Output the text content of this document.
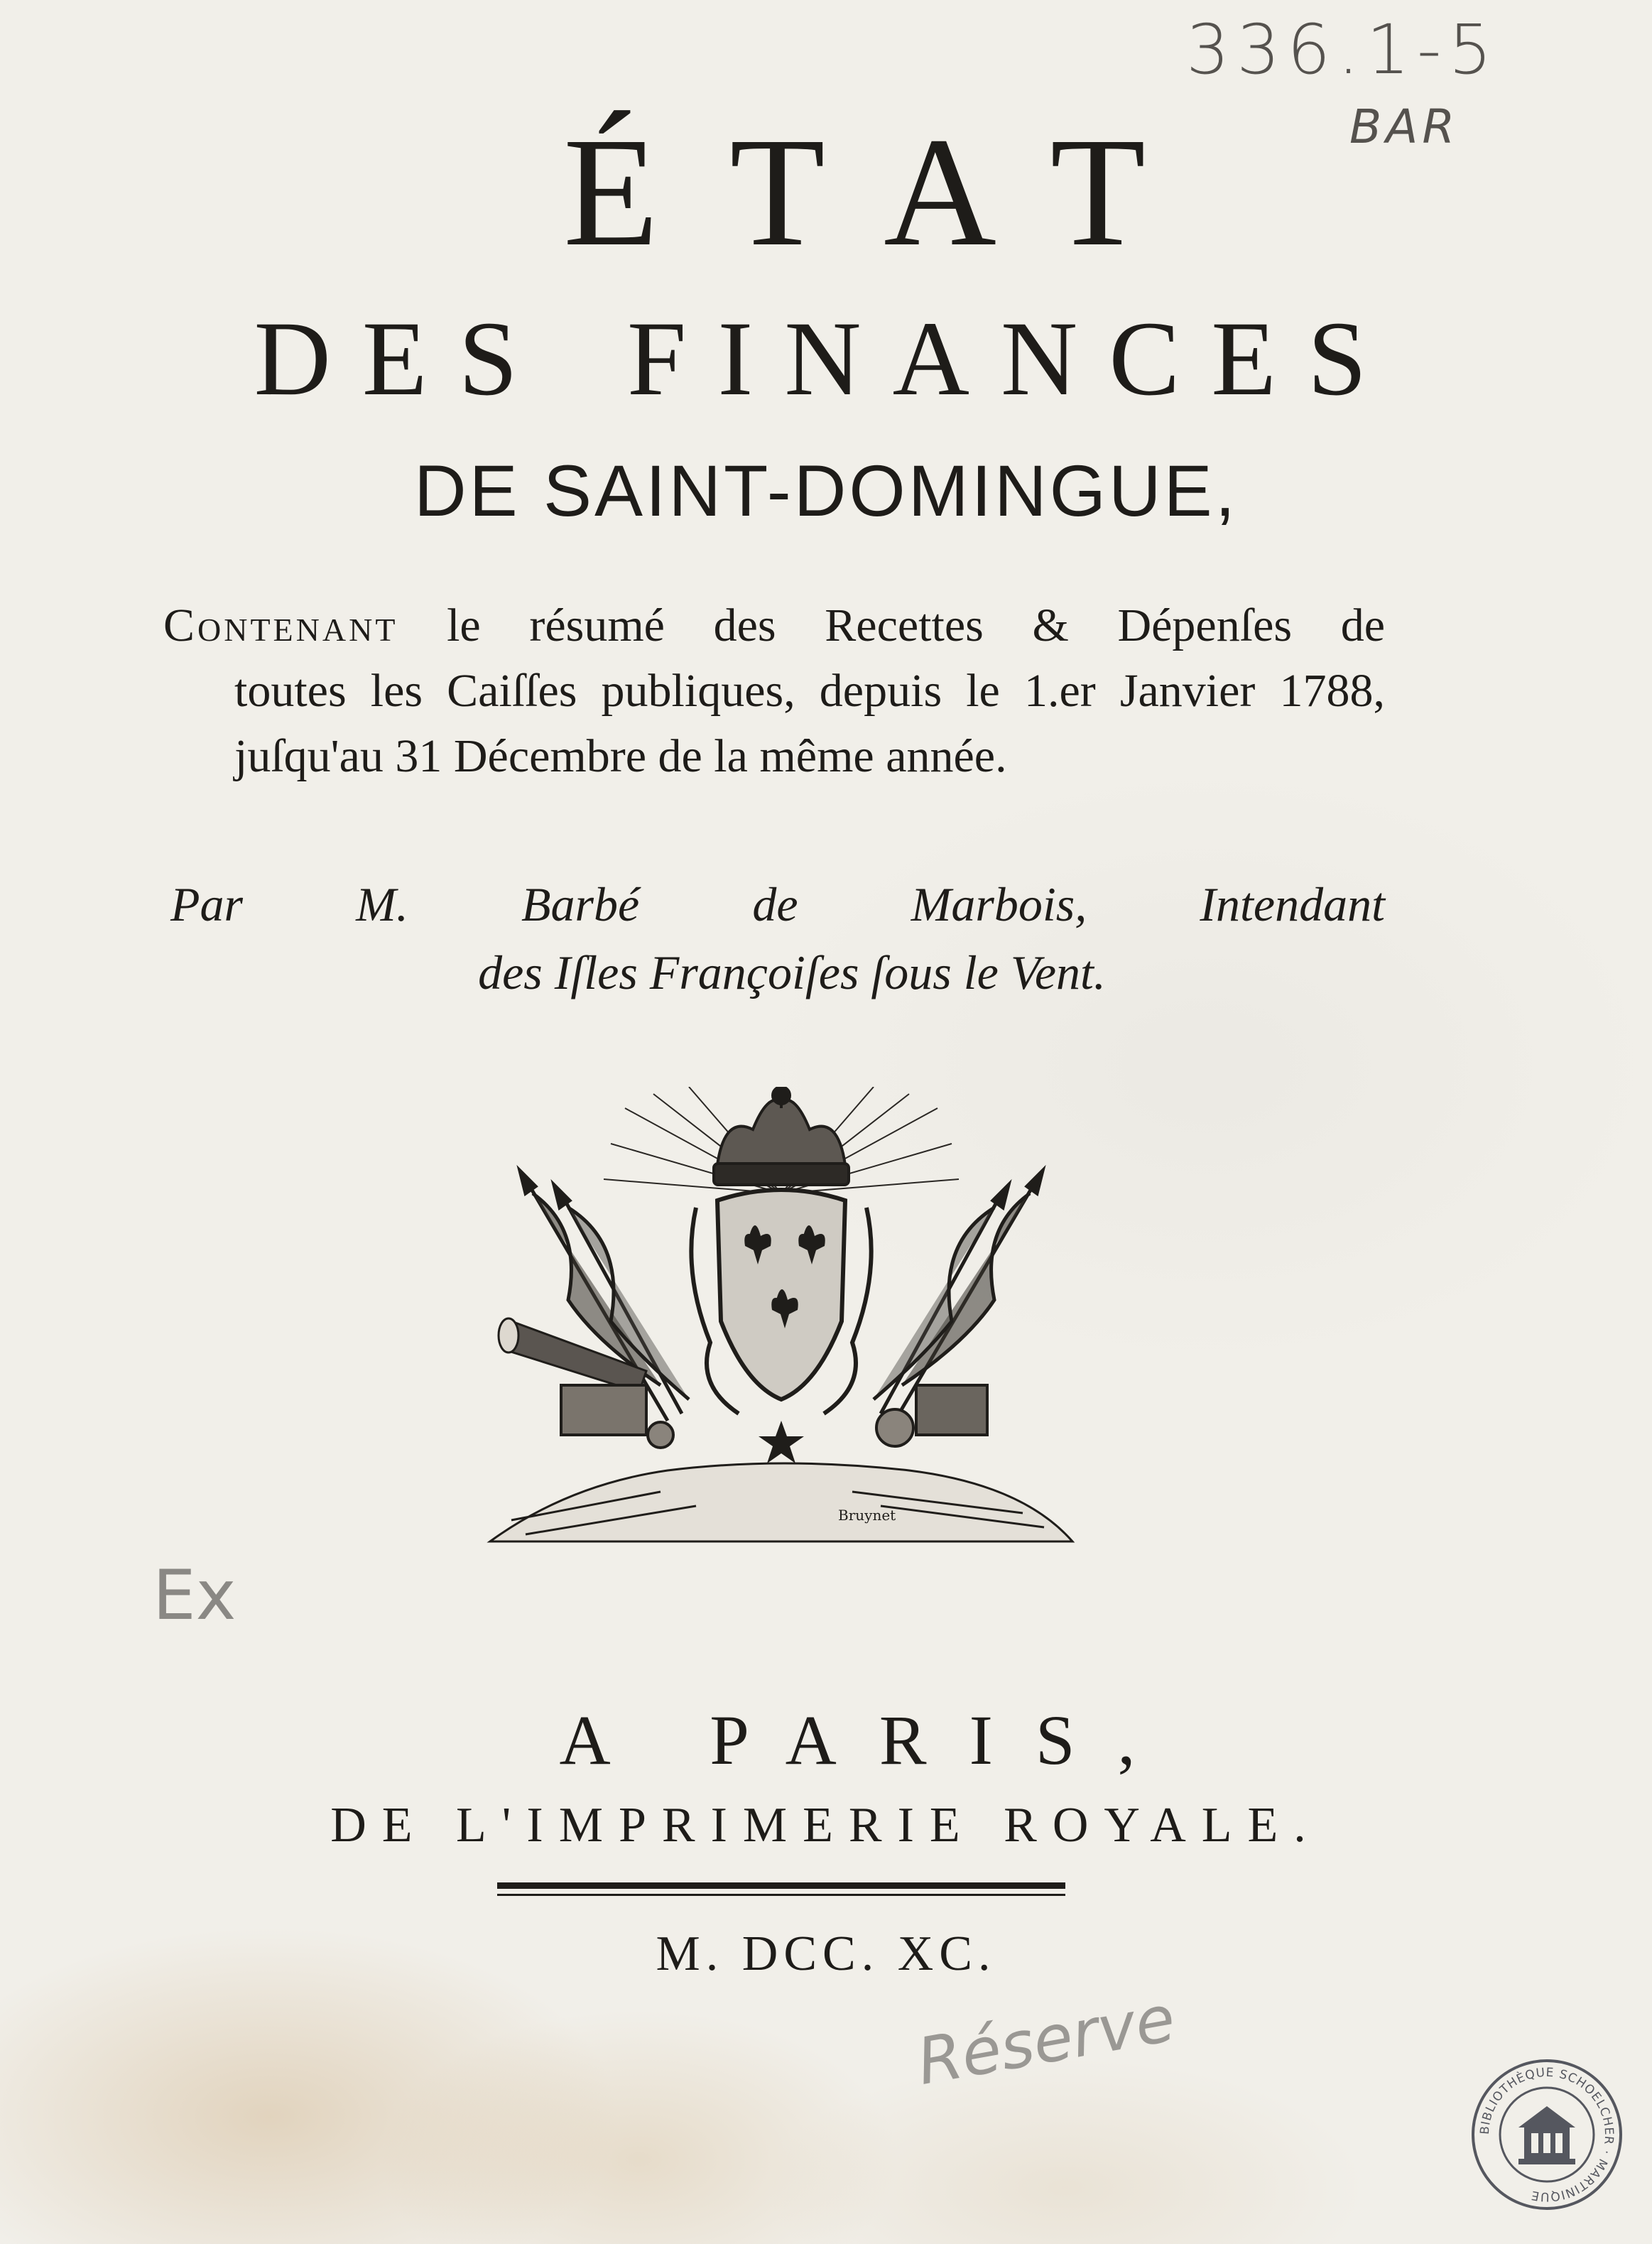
336.1-5
BAR
ÉTAT
DES FINANCES
DE SAINT-DOMINGUE,
Contenant le résumé des Recettes & Dépenſes de
toutes les Caiſſes publiques, depuis le 1.er Janvier 1788,
juſqu'au 31 Décembre de la même année.
Par M. Barbé de Marbois, Intendant
des Iſles Françoiſes ſous le Vent.
Bruynet
Ex
A PARIS,
DE L'IMPRIMERIE ROYALE.
M. DCC. XC.
Réserve
BIBLIOTHÈQUE SCHOELCHER · MARTINIQUE
